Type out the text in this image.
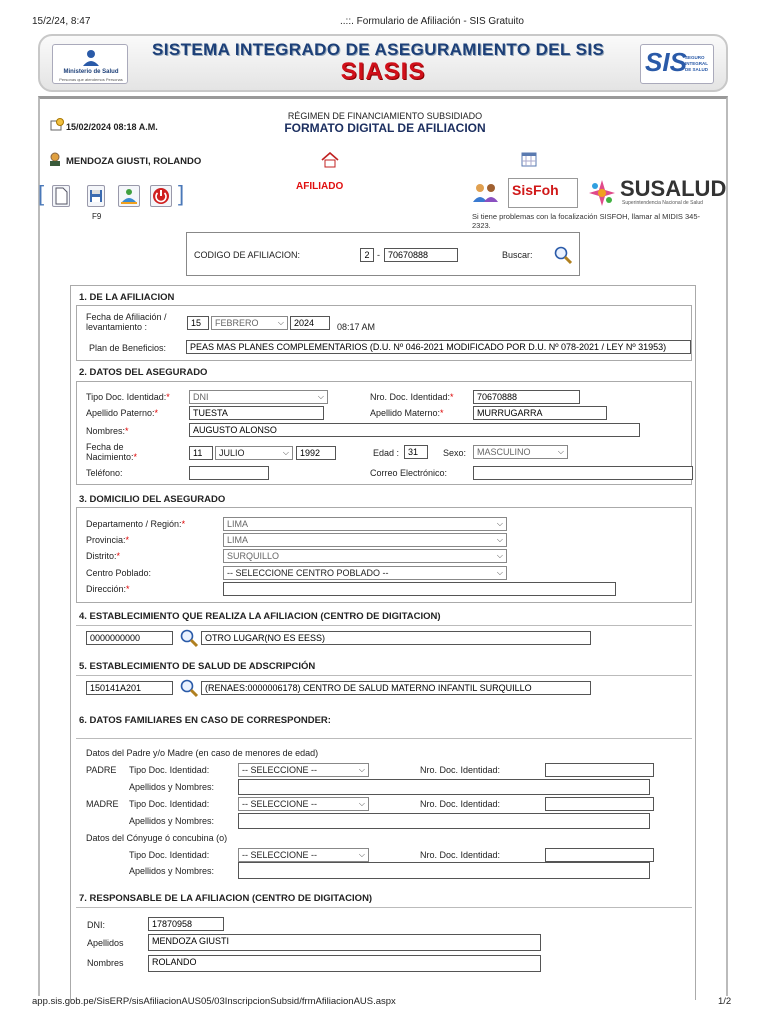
15/2/24, 8:47	..::. Formulario de Afiliación - SIS Gratuito
Ministerio de Salud
Personas que atendemos Personas
SISTEMA INTEGRADO DE ASEGURAMIENTO DEL SIS
SIASIS	SIS
SEGURO INTEGRAL DE SALUD
15/02/2024 08:18 A.M.
RÉGIMEN DE FINANCIAMIENTO SUBSIDIADO
FORMATO DIGITAL DE AFILIACION
MENDOZA GIUSTI, ROLANDO
[
F9
]	AFILIADO	SisFoh	SUSALUD
Superintendencia Nacional de Salud
Si tiene problemas con la focalización SISFOH, llamar al MIDIS 345-2323.
CODIGO DE AFILIACION:	2 - 70670888	Buscar:
1. DE LA AFILIACION
Fecha de Afiliación / levantamiento :	15	FEBRERO ⌵	2024	08:17 AM
Plan de Beneficios:	PEAS MAS PLANES COMPLEMENTARIOS (D.U. Nº 046-2021 MODIFICADO POR D.U. Nº 078-2021 / LEY Nº 31953)
2. DATOS DEL ASEGURADO
Tipo Doc. Identidad:*	DNI	⌵	Nro. Doc. Identidad:*	70670888
Apellido Paterno:*	TUESTA	Apellido Materno:*	MURRUGARRA
Nombres:*	AUGUSTO ALONSO
Fecha de Nacimiento:*	11	JULIO	⌵	1992	Edad : 31	Sexo:	MASCULINO	⌵
Teléfono:	Correo Electrónico:
3. DOMICILIO DEL ASEGURADO
Departamento / Región:*	LIMA	⌵
Provincia:*	LIMA	⌵
Distrito:*	SURQUILLO	⌵
Centro Poblado:	-- SELECCIONE CENTRO POBLADO --	⌵
Dirección:*
4. ESTABLECIMIENTO QUE REALIZA LA AFILIACION (CENTRO DE DIGITACION)
0000000000	OTRO LUGAR(NO ES EESS)
5. ESTABLECIMIENTO DE SALUD DE ADSCRIPCIÓN
150141A201	(RENAES:0000006178) CENTRO DE SALUD MATERNO INFANTIL SURQUILLO
6. DATOS FAMILIARES EN CASO DE CORRESPONDER:
Datos del Padre y/o Madre (en caso de menores de edad)
PADRE Tipo Doc. Identidad:	-- SELECCIONE --	⌵	Nro. Doc. Identidad:
Apellidos y Nombres:
MADRE Tipo Doc. Identidad:	-- SELECCIONE --	⌵	Nro. Doc. Identidad:
Apellidos y Nombres:
Datos del Cónyuge ó concubina (o)
Tipo Doc. Identidad:	-- SELECCIONE --	⌵	Nro. Doc. Identidad:
Apellidos y Nombres:
7. RESPONSABLE DE LA AFILIACION (CENTRO DE DIGITACION)
DNI:	17870958
Apellidos	MENDOZA GIUSTI
Nombres	ROLANDO
app.sis.gob.pe/SisERP/sisAfiliacionAUS05/03InscripcionSubsid/frmAfiliacionAUS.aspx	1/2
